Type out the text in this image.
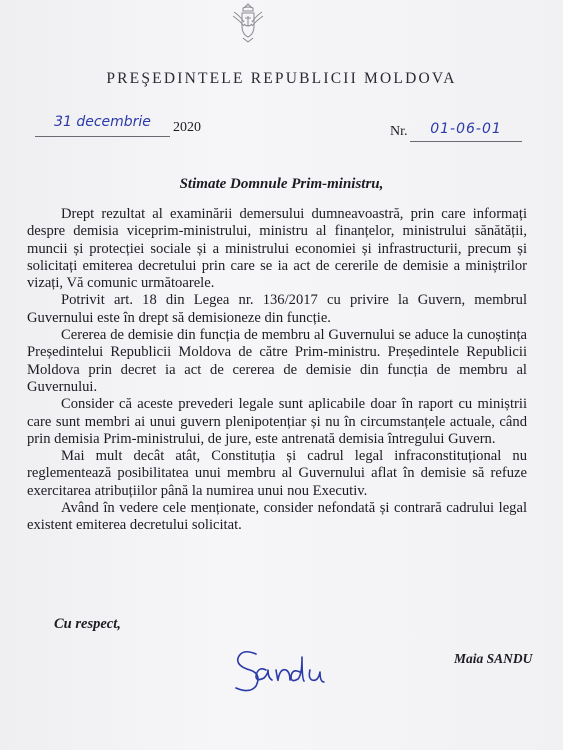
PREŞEDINTELE REPUBLICII MOLDOVA
31 decembrie	2020	Nr.	01-06-01
Stimate Domnule Prim-ministru,

Drept rezultat al examinării demersului dumneavoastră, prin care informați despre demisia viceprim-ministrului, ministru al finanțelor, ministrului sănătății, muncii și protecției sociale și a ministrului economiei și infrastructurii, precum și solicitați emiterea decretului prin care se ia act de cererile de demisie a miniștrilor vizați, Vă comunic următoarele.

Potrivit art. 18 din Legea nr. 136/2017 cu privire la Guvern, membrul Guvernului este în drept să demisioneze din funcție.

Cererea de demisie din funcția de membru al Guvernului se aduce la cunoștința Președintelui Republicii Moldova de către Prim-ministru. Președintele Republicii Moldova prin decret ia act de cererea de demisie din funcția de membru al Guvernului.

Consider că aceste prevederi legale sunt aplicabile doar în raport cu miniștrii care sunt membri ai unui guvern plenipotențiar și nu în circumstanțele actuale, când prin demisia Prim-ministrului, de jure, este antrenată demisia întregului Guvern.

Mai mult decât atât, Constituția și cadrul legal infraconstituțional nu reglementează posibilitatea unui membru al Guvernului aflat în demisie să refuze exercitarea atribuțiilor până la numirea unui nou Executiv.

Având în vedere cele menționate, consider nefondată și contrară cadrului legal existent emiterea decretului solicitat.

Cu respect,
Maia SANDU
